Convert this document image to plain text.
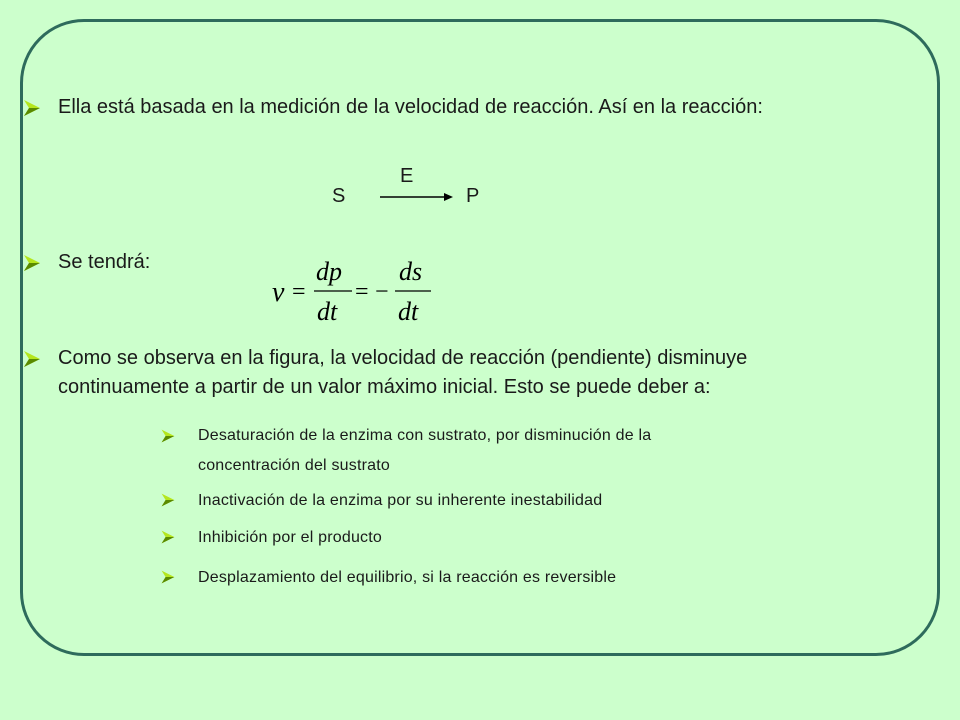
Ella está basada en la medición de la velocidad de reacción. Así en la reacción:
E
S	P
Se tendrá:
v =
dp
dt
= −
ds
dt
Como se observa en la figura, la velocidad de reacción (pendiente) disminuye
continuamente a partir de un valor máximo inicial. Esto se puede deber a:
Desaturación de la enzima con sustrato, por disminución de la
concentración del sustrato
Inactivación de la enzima por su inherente inestabilidad
Inhibición por el producto
Desplazamiento del equilibrio, si la reacción es reversible
